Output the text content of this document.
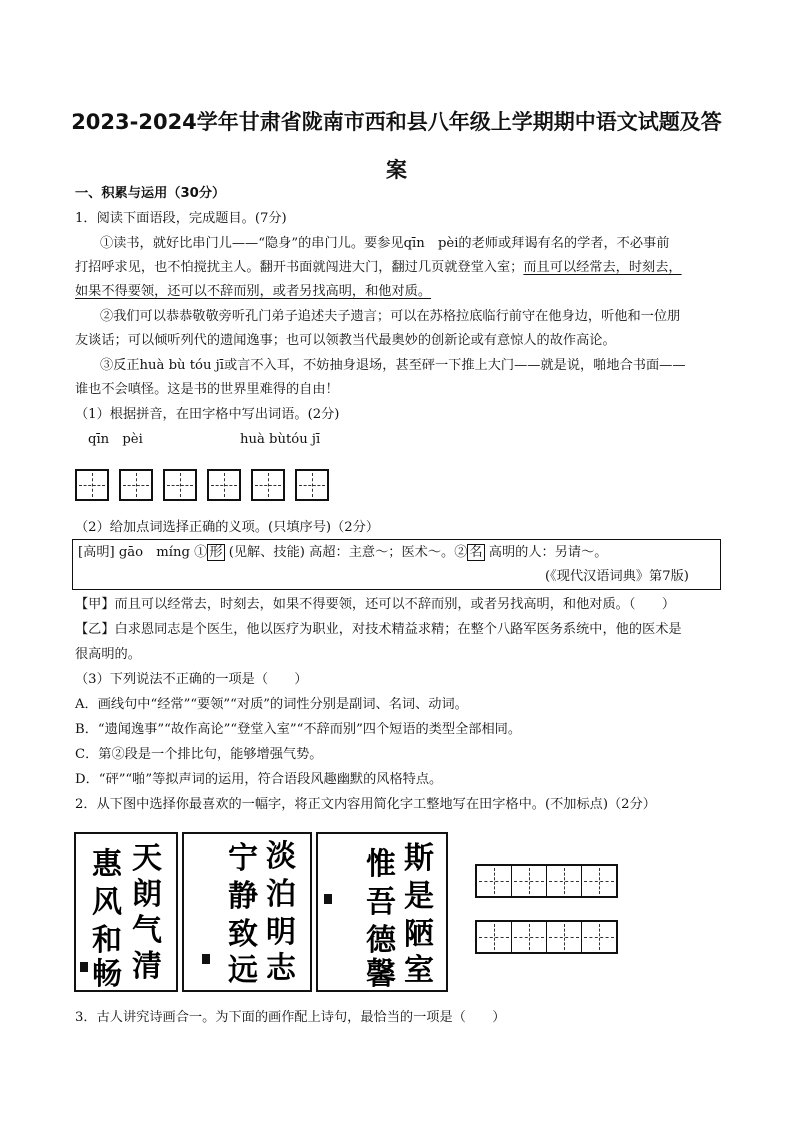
2023-2024学年甘肃省陇南市西和县八年级上学期期中语文试题及答
案
一、积累与运用（30分）
1．阅读下面语段，完成题目。(7分)
①读书，就好比串门儿——“隐身”的串门儿。要参见qīn　pèi的老师或拜谒有名的学者，不必事前
打招呼求见，也不怕搅扰主人。翻开书面就闯进大门，翻过几页就登堂入室；而且可以经常去，时刻去，
如果不得要领，还可以不辞而别，或者另找高明，和他对质。
②我们可以恭恭敬敬旁听孔门弟子追述夫子遗言；可以在苏格拉底临行前守在他身边，听他和一位朋
友谈话；可以倾听列代的遗闻逸事；也可以领教当代最奥妙的创新论或有意惊人的故作高论。
③反正huà bù tóu jī或言不入耳，不妨抽身退场，甚至砰一下推上大门——就是说，啪地合书面——
谁也不会嗔怪。这是书的世界里难得的自由！
（1）根据拼音，在田字格中写出词语。(2分)
qīn　pèi	huà bùtóu jī
（2）给加点词选择正确的义项。(只填序号)（2分）
[高明] gāo　míng ① 形 (见解、技能) 高超：主意～；医术～。② 名 高明的人：另请～。
(《现代汉语词典》第7版)
【甲】而且可以经常去，时刻去，如果不得要领，还可以不辞而别，或者另找高明，和他对质。（　　）
【乙】白求恩同志是个医生，他以医疗为职业，对技术精益求精；在整个八路军医务系统中，他的医术是
很高明的。
（3）下列说法不正确的一项是（　　）
A．画线句中“经常”“要领”“对质”的词性分别是副词、名词、动词。
B．“遗闻逸事”“故作高论”“登堂入室”“不辞而别”四个短语的类型全部相同。
C．第②段是一个排比句，能够增强气势。
D．“砰”“啪”等拟声词的运用，符合语段风趣幽默的风格特点。
2．从下图中选择你最喜欢的一幅字，将正文内容用简化字工整地写在田字格中。(不加标点)（2分）
天
朗
气
清
惠
风
和
畅
淡
泊
明
志
宁
静
致
远
斯
是
陋
室
惟
吾
德
馨
3．古人讲究诗画合一。为下面的画作配上诗句，最恰当的一项是（　　）
